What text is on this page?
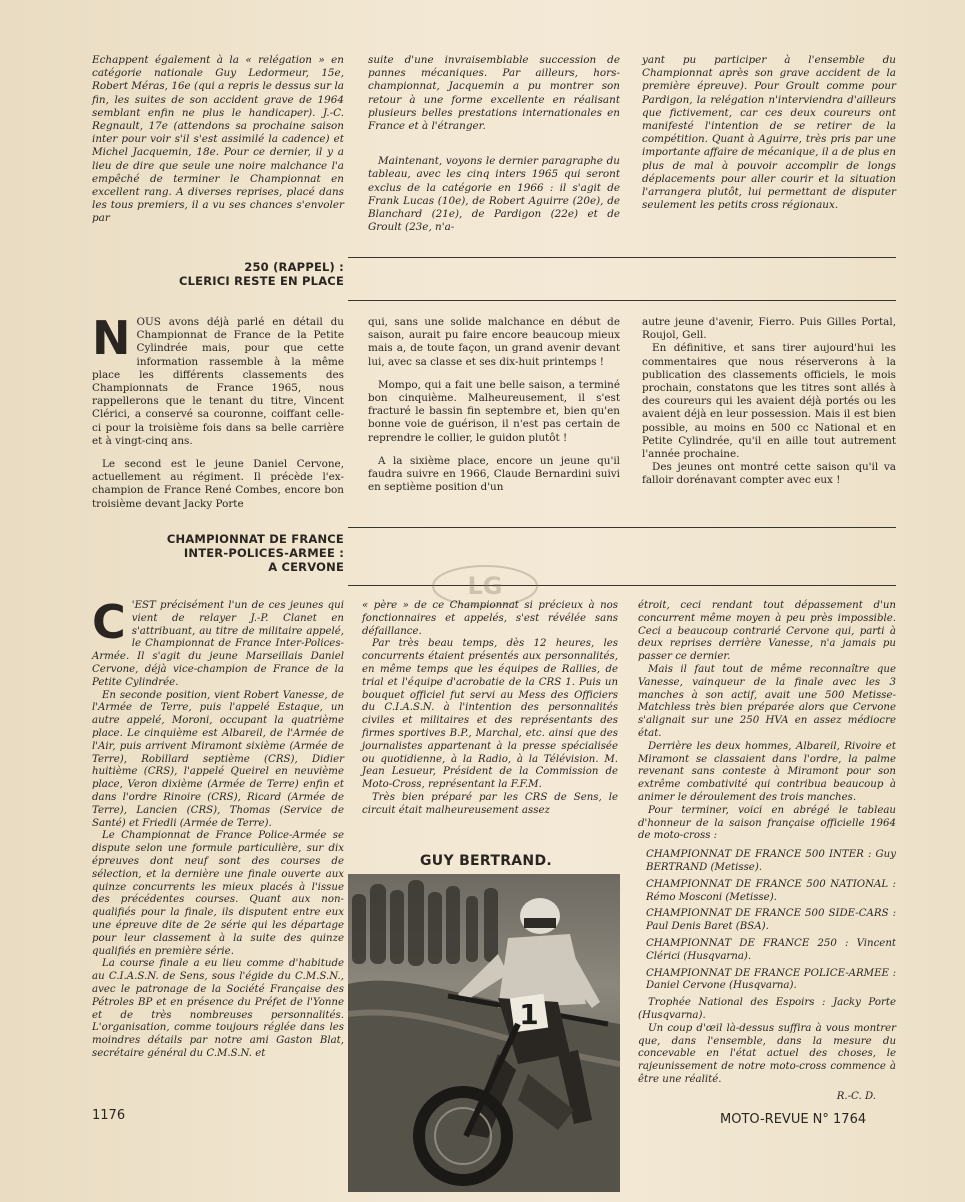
Echappent également à la « relégation » en catégorie nationale Guy Ledormeur, 15e, Robert Méras, 16e (qui a repris le dessus sur la fin, les suites de son accident grave de 1964 semblant enfin ne plus le handicaper). J.-C. Regnault, 17e (attendons sa prochaine saison inter pour voir s'il s'est assimilé la cadence) et Michel Jacquemin, 18e. Pour ce dernier, il y a lieu de dire que seule une noire malchance l'a empêché de terminer le Championnat en excellent rang. A diverses reprises, placé dans les tous premiers, il a vu ses chances s'envoler par

suite d'une invraisemblable succession de pannes mécaniques. Par ailleurs, hors-championnat, Jacquemin a pu montrer son retour à une forme excellente en réalisant plusieurs belles prestations internationales en France et à l'étranger.

Maintenant, voyons le dernier paragraphe du tableau, avec les cinq inters 1965 qui seront exclus de la catégorie en 1966 : il s'agit de Frank Lucas (10e), de Robert Aguirre (20e), de Blanchard (21e), de Pardigon (22e) et de Groult (23e, n'a-

yant pu participer à l'ensemble du Championnat après son grave accident de la première épreuve). Pour Groult comme pour Pardigon, la relégation n'interviendra d'ailleurs que fictivement, car ces deux coureurs ont manifesté l'intention de se retirer de la compétition. Quant à Aguirre, très pris par une importante affaire de mécanique, il a de plus en plus de mal à pouvoir accomplir de longs déplacements pour aller courir et la situation l'arrangera plutôt, lui permettant de disputer seulement les petits cross régionaux.

250 (RAPPEL) :
CLERICI RESTE EN PLACE

NOUS avons déjà parlé en détail du Championnat de France de la Petite Cylindrée mais, pour que cette information rassemble à la même place les différents classements des Championnats de France 1965, nous rappellerons que le tenant du titre, Vincent Clérici, a conservé sa couronne, coiffant celle-ci pour la troisième fois dans sa belle carrière et à vingt-cinq ans.

Le second est le jeune Daniel Cervone, actuellement au régiment. Il précède l'ex-champion de France René Combes, encore bon troisième devant Jacky Porte

qui, sans une solide malchance en début de saison, aurait pu faire encore beaucoup mieux mais a, de toute façon, un grand avenir devant lui, avec sa classe et ses dix-huit printemps !

Mompo, qui a fait une belle saison, a terminé bon cinquième. Malheureusement, il s'est fracturé le bassin fin septembre et, bien qu'en bonne voie de guérison, il n'est pas certain de reprendre le collier, le guidon plutôt !

A la sixième place, encore un jeune qu'il faudra suivre en 1966, Claude Bernardini suivi en septième position d'un

autre jeune d'avenir, Fierro. Puis Gilles Portal, Roujol, Gell.

En définitive, et sans tirer aujourd'hui les commentaires que nous réserverons à la publication des classements officiels, le mois prochain, constatons que les titres sont allés à des coureurs qui les avaient déjà portés ou les avaient déjà en leur possession. Mais il est bien possible, au moins en 500 cc National et en Petite Cylindrée, qu'il en aille tout autrement l'année prochaine.

Des jeunes ont montré cette saison qu'il va falloir dorénavant compter avec eux !

CHAMPIONNAT DE FRANCE
INTER-POLICES-ARMEE :
A CERVONE
LG

C 'EST précisément l'un de ces jeunes qui vient de relayer J.-P. Clanet en s'attribuant, au titre de militaire appelé, le Championnat de France Inter-Polices-Armée. Il s'agit du jeune Marseillais Daniel Cervone, déjà vice-champion de France de la Petite Cylindrée.

En seconde position, vient Robert Vanesse, de l'Armée de Terre, puis l'appelé Estaque, un autre appelé, Moroni, occupant la quatrième place. Le cinquième est Albareil, de l'Armée de l'Air, puis arrivent Miramont sixième (Armée de Terre), Robillard septième (CRS), Didier huitième (CRS), l'appelé Queirel en neuvième place, Veron dixième (Armée de Terre) enfin et dans l'ordre Rinoire (CRS), Ricard (Armée de Terre), Lancien (CRS), Thomas (Service de Santé) et Friedli (Armée de Terre).

Le Championnat de France Police-Armée se dispute selon une formule particulière, sur dix épreuves dont neuf sont des courses de sélection, et la dernière une finale ouverte aux quinze concurrents les mieux placés à l'issue des précédentes courses. Quant aux non-qualifiés pour la finale, ils disputent entre eux une épreuve dite de 2e série qui les départage pour leur classement à la suite des quinze qualifiés en première série.

La course finale a eu lieu comme d'habitude au C.I.A.S.N. de Sens, sous l'égide du C.M.S.N., avec le patronage de la Société Française des Pétroles BP et en présence du Préfet de l'Yonne et de très nombreuses personnalités. L'organisation, comme toujours réglée dans les moindres détails par notre ami Gaston Blat, secrétaire général du C.M.S.N. et

« père » de ce Championnat si précieux à nos fonctionnaires et appelés, s'est révélée sans défaillance.

Par très beau temps, dès 12 heures, les concurrents étaient présentés aux personnalités, en même temps que les équipes de Rallies, de trial et l'équipe d'acrobatie de la CRS 1. Puis un bouquet officiel fut servi au Mess des Officiers du C.I.A.S.N. à l'intention des personnalités civiles et militaires et des représentants des firmes sportives B.P., Marchal, etc. ainsi que des journalistes appartenant à la presse spécialisée ou quotidienne, à la Radio, à la Télévision. M. Jean Lesueur, Président de la Commission de Moto-Cross, représentant la F.F.M.

Très bien préparé par les CRS de Sens, le circuit était malheureusement assez

GUY BERTRAND.
1

étroit, ceci rendant tout dépassement d'un concurrent même moyen à peu près impossible. Ceci a beaucoup contrarié Cervone qui, parti à deux reprises derrière Vanesse, n'a jamais pu passer ce dernier.

Mais il faut tout de même reconnaître que Vanesse, vainqueur de la finale avec les 3 manches à son actif, avait une 500 Metisse-Matchless très bien préparée alors que Cervone s'alignait sur une 250 HVA en assez médiocre état.

Derrière les deux hommes, Albareil, Rivoire et Miramont se classaient dans l'ordre, la palme revenant sans conteste à Miramont pour son extrême combativité qui contribua beaucoup à animer le déroulement des trois manches.

Pour terminer, voici en abrégé le tableau d'honneur de la saison française officielle 1964 de moto-cross :

CHAMPIONNAT DE FRANCE 500 INTER : Guy BERTRAND (Metisse).

CHAMPIONNAT DE FRANCE 500 NATIONAL : Rémo Mosconi (Metisse).

CHAMPIONNAT DE FRANCE 500 SIDE-CARS : Paul Denis Baret (BSA).

CHAMPIONNAT DE FRANCE 250 : Vincent Clérici (Husqvarna).

CHAMPIONNAT DE FRANCE POLICE-ARMEE : Daniel Cervone (Husqvarna).

Trophée National des Espoirs : Jacky Porte (Husqvarna).

Un coup d'œil là-dessus suffira à vous montrer que, dans l'ensemble, dans la mesure du concevable en l'état actuel des choses, le rajeunissement de notre moto-cross commence à être une réalité.

R.-C. D.
1176	MOTO-REVUE N° 1764
